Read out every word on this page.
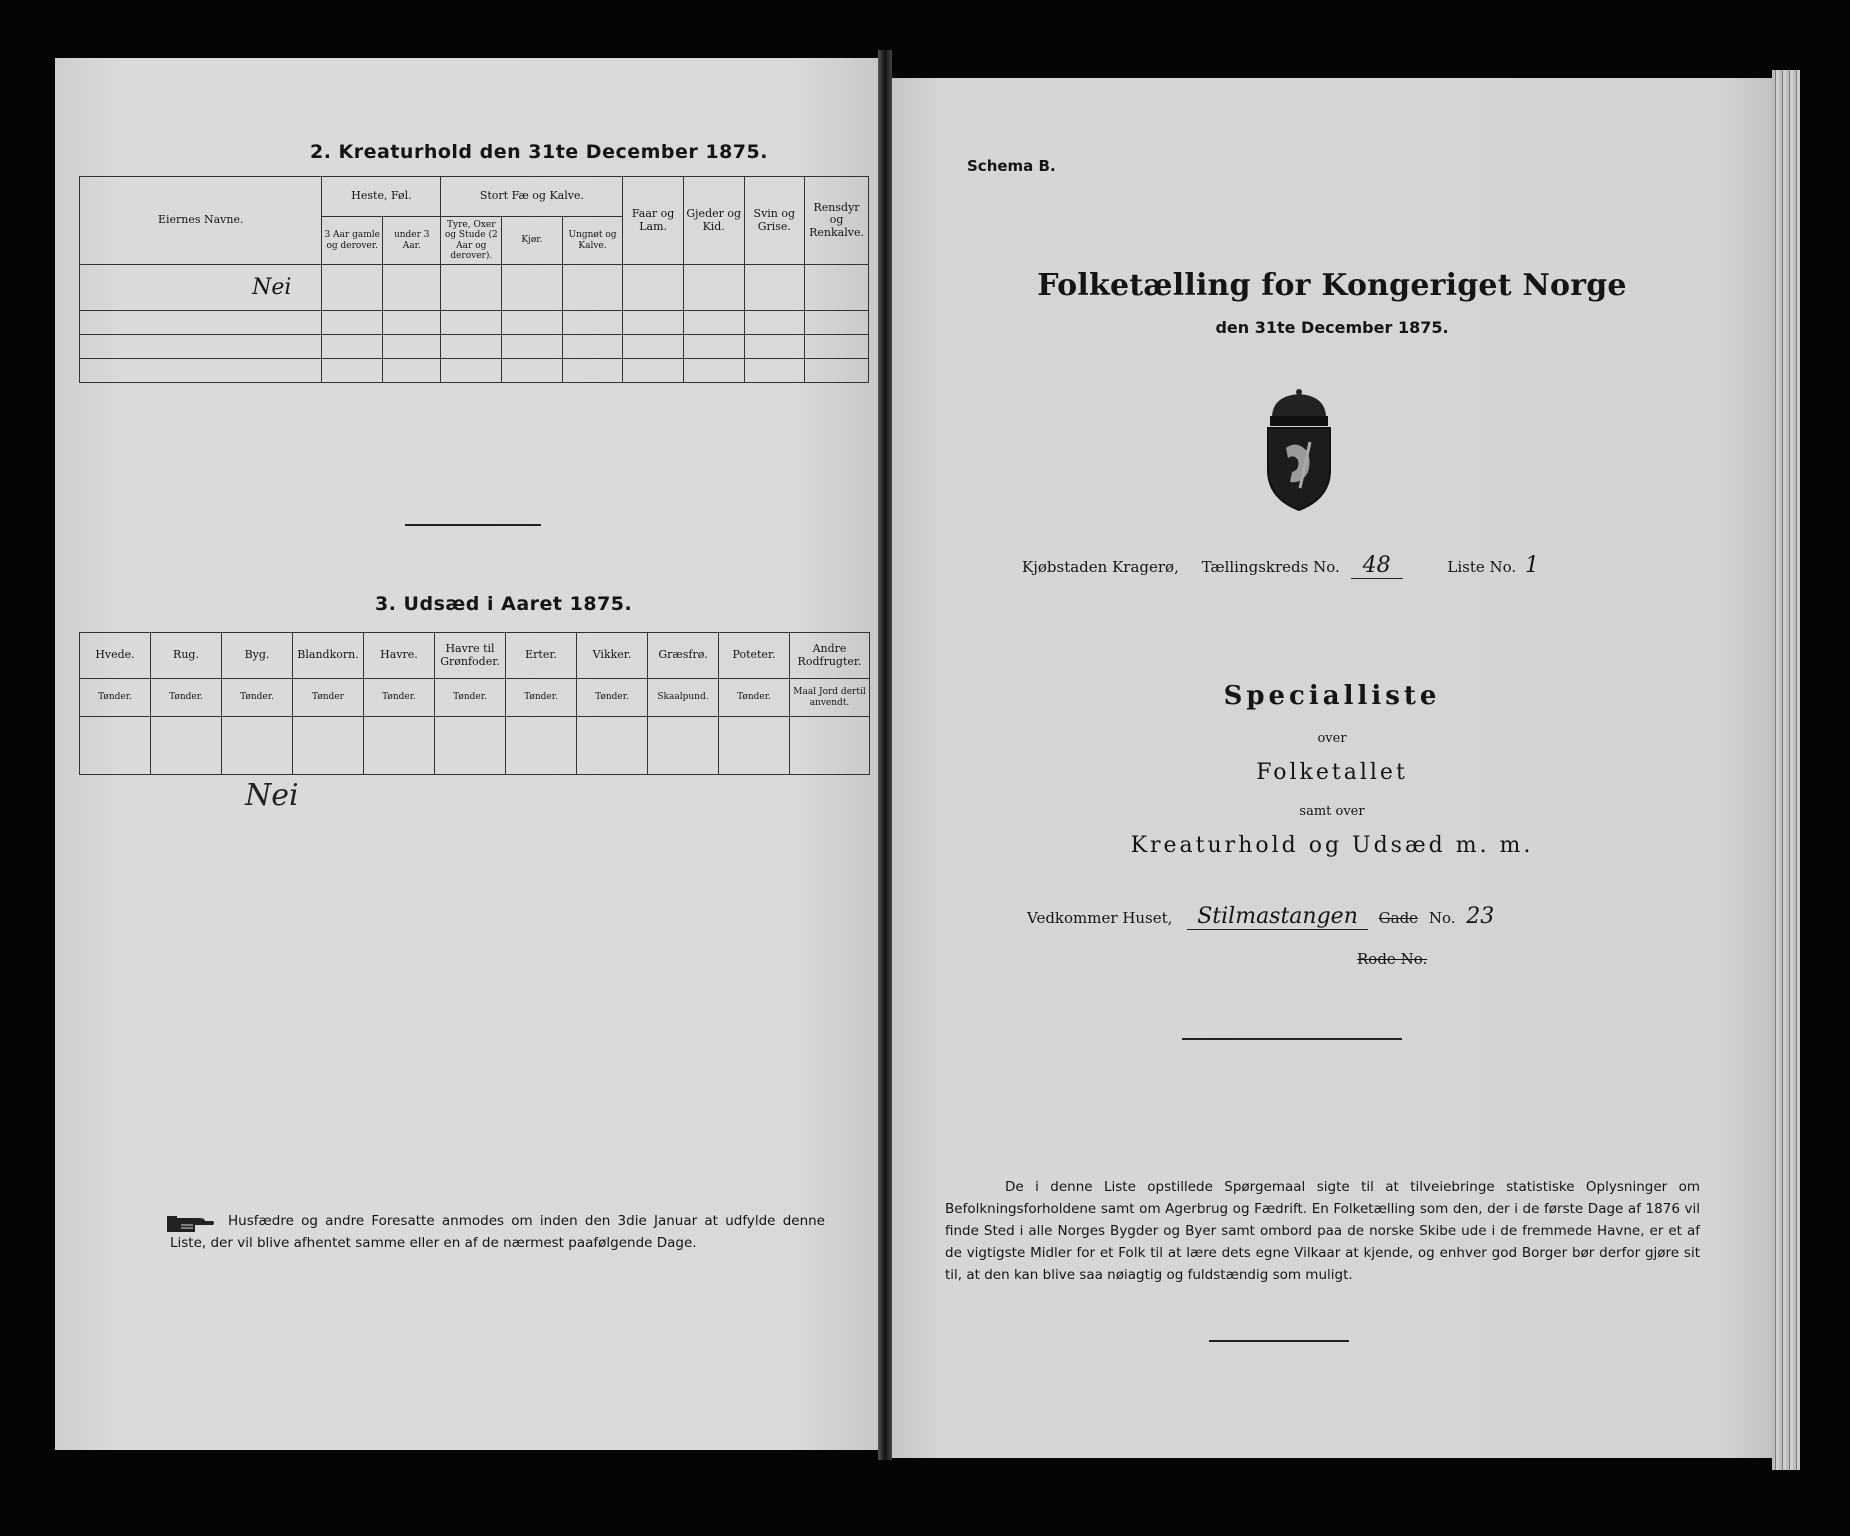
2. Kreaturhold den 31te December 1875.
Eiernes Navne.	Heste, Føl.		Stort Fæ og Kalve.			Faar og Lam.	Gjeder og Kid.	Svin og Grise.	Rensdyr og Renkalve.
	3 Aar gamle og derover.	under 3 Aar.	Tyre, Oxer og Stude (2 Aar og derover).	Kjør.	Ungnøt og Kalve.				
Nei									

3. Udsæd i Aaret 1875.
Hvede.	Rug.	Byg.	Blandkorn.	Havre.	Havre til Grønfoder.	Erter.	Vikker.	Græsfrø.	Poteter.	Andre Rodfrugter.
Tønder.	Tønder.	Tønder.	Tønder	Tønder.	Tønder.	Tønder.	Tønder.	Skaalpund.	Tønder.	Maal Jord dertil anvendt.

Nei
Husfædre og andre Foresatte anmodes om inden den 3die Januar at udfylde denne Liste, der vil blive afhentet samme eller en af de nærmest paafølgende Dage.
Schema B.
Folketælling for Kongeriget Norge
den 31te December 1875.
Kjøbstaden Kragerø, Tællingskreds No. 48	Liste No. 1
Specialliste
over
Folketallet
samt over
Kreaturhold og Udsæd m. m.
Vedkommer Huset, Stilmastangen Gade No. 23
Rode No.
De i denne Liste opstillede Spørgemaal sigte til at tilveiebringe statistiske Oplysninger om Befolkningsforholdene samt om Agerbrug og Fædrift. En Folketælling som den, der i de første Dage af 1876 vil finde Sted i alle Norges Bygder og Byer samt ombord paa de norske Skibe ude i de fremmede Havne, er et af de vigtigste Midler for et Folk til at lære dets egne Vilkaar at kjende, og enhver god Borger bør derfor gjøre sit til, at den kan blive saa nøiagtig og fuldstændig som muligt.
